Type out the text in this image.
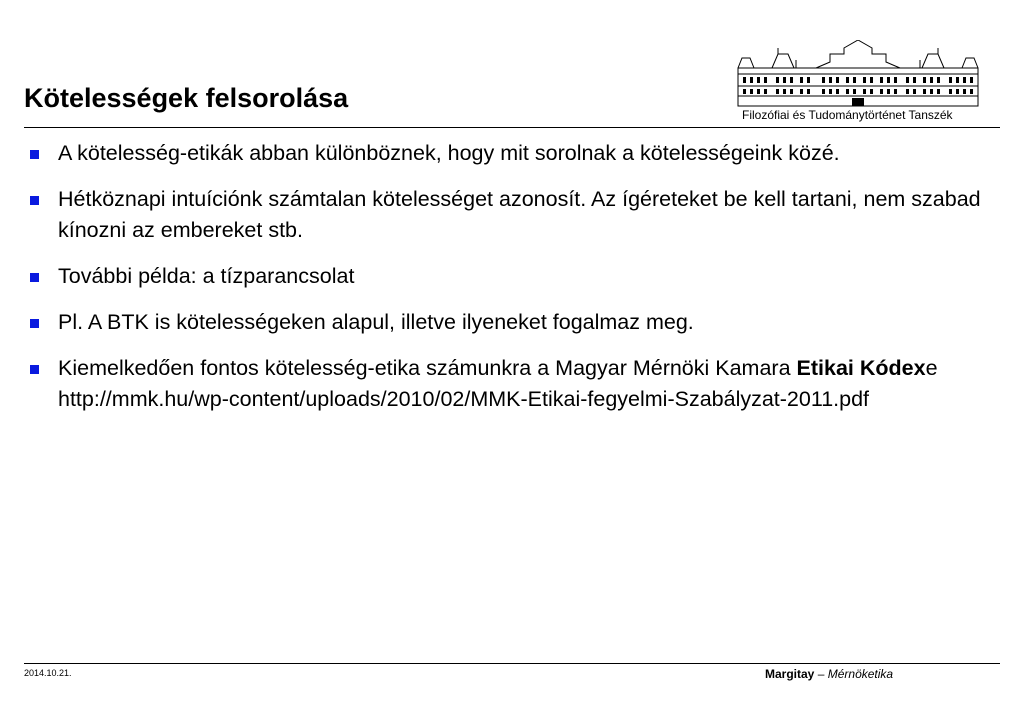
Kötelességek felsorolása
Filozófiai és Tudománytörténet Tanszék
A kötelesség-etikák abban különböznek, hogy mit sorolnak a kötelességeink közé.
Hétköznapi intuíciónk számtalan kötelességet azonosít. Az ígéreteket be kell tartani, nem szabad kínozni az embereket stb.
További példa: a tízparancsolat
Pl. A BTK is kötelességeken alapul, illetve ilyeneket fogalmaz meg.
Kiemelkedően fontos kötelesség-etika számunkra a Magyar Mérnöki Kamara Etikai Kódexe http://mmk.hu/wp-content/uploads/2010/02/MMK-Etikai-fegyelmi-Szabályzat-2011.pdf
2014.10.21.	Margitay – Mérnöketika
